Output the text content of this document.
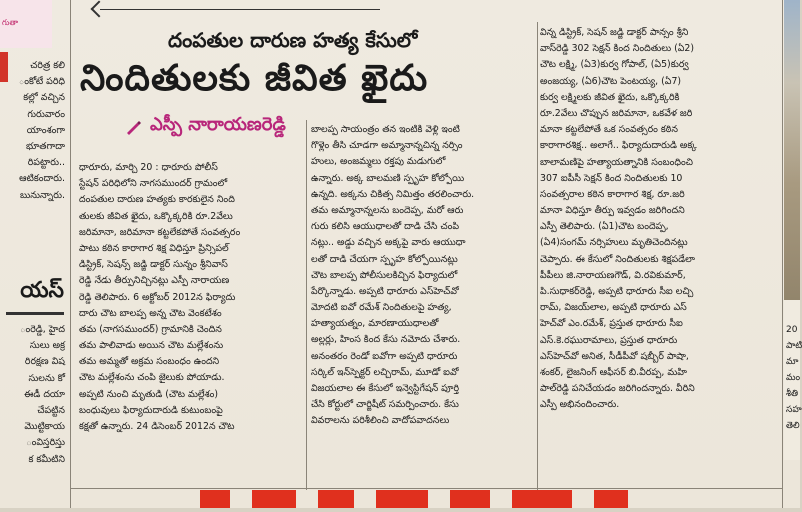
గుతా
చరిత్ర కలి
ంకోటే పరిధి
కల్లో వచ్చిన
గురువారం
యాంశంగా
భూతగాదా
రిపట్టారు..
ఆటికందారు.
బునున్నారు.
యస్
ంరెడ్డి, హైద
సులు అక్ర
రిరక్షణ విష
సులను కో
ఈడీ దయా
చేపట్టిన
మొట్టికాయ
ంవిస్తరిస్తు
క కమీటిని
దంపతుల దారుణ హత్య కేసులో
నిందితులకు జీవిత ఖైదు
ఎస్పీ నారాయణరెడ్డి
ధారూరు, మార్చి 20 : ధారూరు పోలీస్
స్టేషన్ పరిధిలోని నాగసముందర్ గ్రామంలో
దంపతుల దారుణ హత్యకు కారకులైన నింది
తులకు జీవిత ఖైదు, ఒక్కొక్కరికి రూ.2వేలు
జరిమానా, జరిమానా కట్టలేకపోతే సంవత్సరం
పాటు కఠిన కారాగార శిక్ష విధిస్తూ ప్రిన్సిపల్
డిస్ట్రిక్, సెషన్స్ జడ్జి డాక్టర్ సున్నం శ్రీనివాస్
రెడ్డి నేడు తీర్పునిచ్చినట్లు ఎస్పీ నారాయణ
రెడ్డి తెలిపారు. 6 అక్టోబర్ 2012న ఫిర్యాదు
దారు చౌట బాలప్ప అన్న చౌట వెంకటేశం
తమ (నాగసముందర్) గ్రామానికి చెందిన
తమ పాలివాడు అయిన చౌట మల్లేశంను
తమ అమ్మతో అక్రమ సంబంధం ఉందని
చౌట మల్లేశంను చంపి జైలుకు పోయాడు.
అప్పటి నుంచి మృతుడి (చౌట మల్లేశం)
బంధువులు ఫిర్యాదుదారుడి కుటుంబంపై
కక్షతో ఉన్నారు. 24 డిసెంబర్ 2012న చౌట
బాలప్ప సాయంత్రం తన ఇంటికి వెళ్లి ఇంటి
గొళ్లెం తీసి చూడగా అమ్మానాన్నచిన్న నర్సిం
హులు, అంజమ్మలు రక్తపు మడుగులో
ఉన్నారు. అక్క బాలమణి స్పృహ కోల్పోయి
ఉన్నది. అక్కను చికిత్స నిమిత్తం తరలించారు.
తమ అమ్మానాన్నలను బందెప్ప, మరో ఆరు
గురు కలిసి ఆయుధాలతో దాడి చేసి చంపి
నట్లు.. అడ్డు వచ్చిన అక్కపై వారు ఆయుధా
లతో దాడి చేయగా స్పృహ కోల్పోయినట్లు
చౌట బాలప్ప పోలీసులకిచ్చిన ఫిర్యాదులో
పేర్కొన్నాడు. అప్పటి ధారూరు ఎస్‌హెచ్‌వో
మోదటి ఐవో రమేశ్ నిందితులపై హత్య,
హత్యాయత్నం, మారణాయుధాలతో
అల్లర్లు, హింస కింద కేసు నమోదు చేశారు.
అనంతరం రెండో ఐవోగా అప్పటి ధారూరు
సర్కిల్ ఇన్‌స్పెక్టర్ లచ్చిరామ్, మూడో ఐవో
విజయలాల ఈ కేసులో ఇన్వెస్టిగేషన్ పూర్తి
చేసి కోర్టులో చార్జిషీట్ సమర్పించారు. కేసు
వివరాలను పరిశీలించి వాదోపవాదనలు
విన్న డిస్ట్రిక్, సెషన్ జడ్జి డాక్టర్ పాన్సం శ్రీని
వాస్‌రెడ్డి 302 సెక్షన్ కింద నిందితులు (ఏ2)
చౌట లక్ష్మి, (ఏ3)కుర్వ గోపాల్, (ఏ5)కుర్వ
అంజయ్య, (ఏ6)చౌట పెంటయ్య, (ఏ7)
కుర్వ లక్ష్మిలకు జీవిత ఖైదు, ఒక్కొక్కరికి
రూ.2వేలు చొప్పున జరిమానా, ఒకవేళ జరి
మానా కట్టలేపోతే ఒక సంవత్సరం కఠిన
కారాగారశిక్ష.. అలాగే.. ఫిర్యాదుదారుడి అక్క
బాలామణిపై హత్యాయత్నానికి సంబంధించి
307 ఐపీసీ సెక్షన్ కింద నిందితులకు 10
సంవత్సరాల కఠిన కారాగార శిక్ష, రూ.జరి
మానా విధిస్తూ తీర్పు ఇవ్వడం జరిగిందని
ఎస్పీ తెలిపారు. (ఏ1)చౌట బందెప్ప,
(ఏ4)సంగమ్ నర్సిహులు మృతిచెందినట్లు
చెప్పారు. ఈ కేసులో నిందితులకు శిక్షపడేలా
పీపీలు జి.నారాయణగౌడ్, వి.రవికుమార్,
పి.సుధాకర్‌రెడ్డి, అప్పటి ధారూరు సీఐ లచ్చి
రామ్, విజయ్‌లాల, అప్పటి ధారూరు ఎస్
హెచ్‌వో ఎం.రమేశ్, ప్రస్తుత ధారూరు సీఐ
ఎస్.కె.రఘురామాలు, ప్రస్తుత ధారూరు
ఎస్‌హెచ్‌వో అనిత, సీడీపీవో షబ్బీర్ పాషా,
శంకర్, లైజనింగ్ ఆఫీసర్ బి.వీరప్ప, మహి
పాల్‌రెడ్డి పనిచేయడం జరిగిందన్నారు. వీరిని
ఎస్పీ అభినందించారు.
20
పాటి
మా
మం
శీతి
సహ
తెలి
